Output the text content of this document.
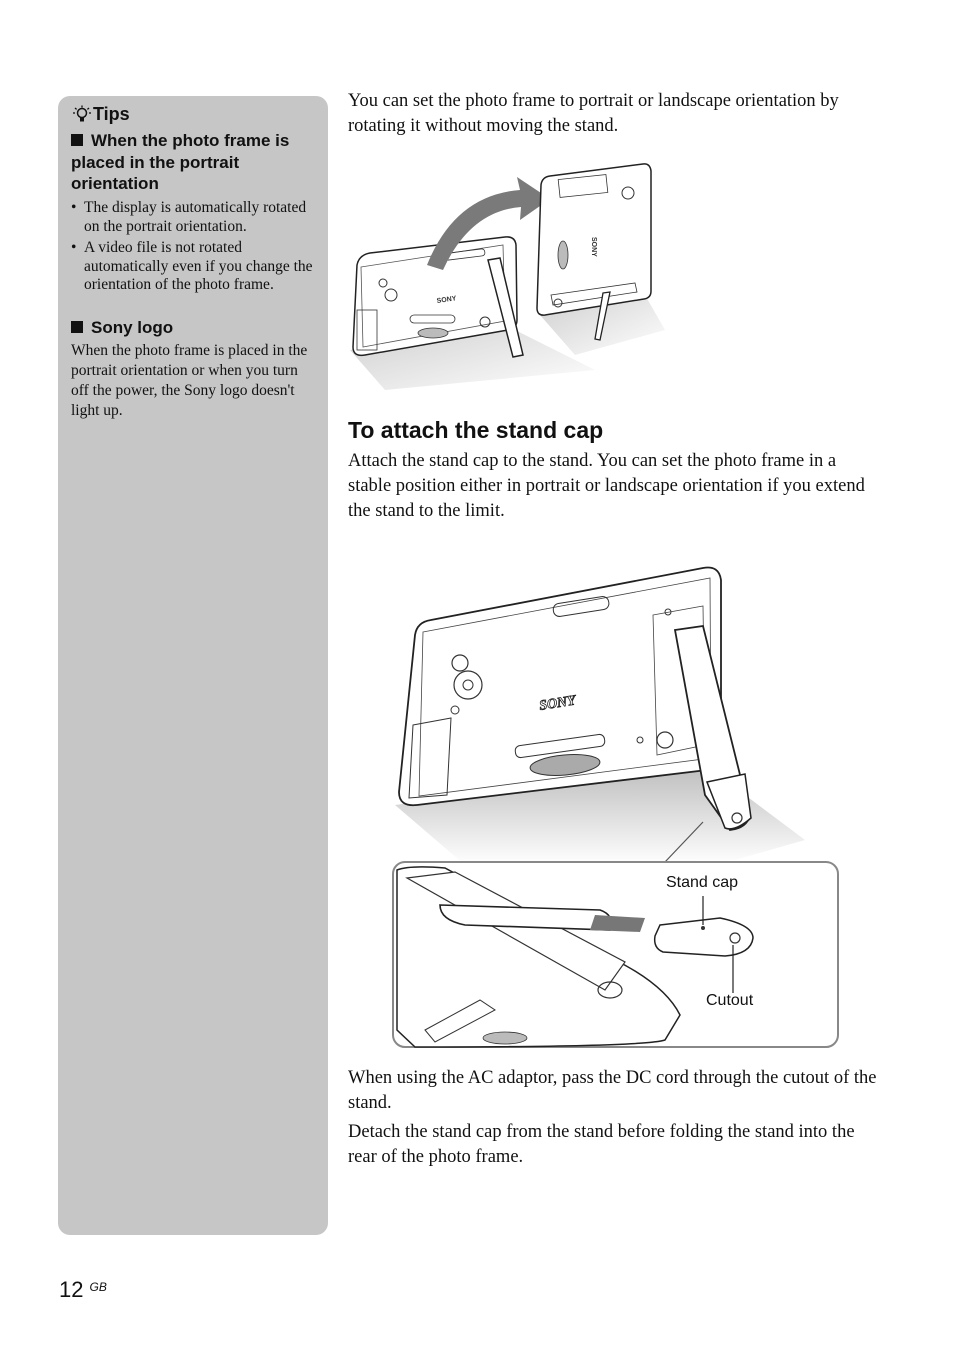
Tips
When the photo frame is placed in the portrait orientation
• The display is automatically rotated on the portrait orientation.
• A video file is not rotated automatically even if you change the orientation of the photo frame.
Sony logo
When the photo frame is placed in the portrait orientation or when you turn off the power, the Sony logo doesn't light up.
You can set the photo frame to portrait or landscape orientation by rotating it without moving the stand.
SONY
SONY
To attach the stand cap
Attach the stand cap to the stand. You can set the photo frame in a stable position either in portrait or landscape orientation if you extend the stand to the limit.
SONY
Stand cap
Cutout
When using the AC adaptor, pass the DC cord through the cutout of the stand.
Detach the stand cap from the stand before folding the stand into the rear of the photo frame.
12 $^{GB}$
